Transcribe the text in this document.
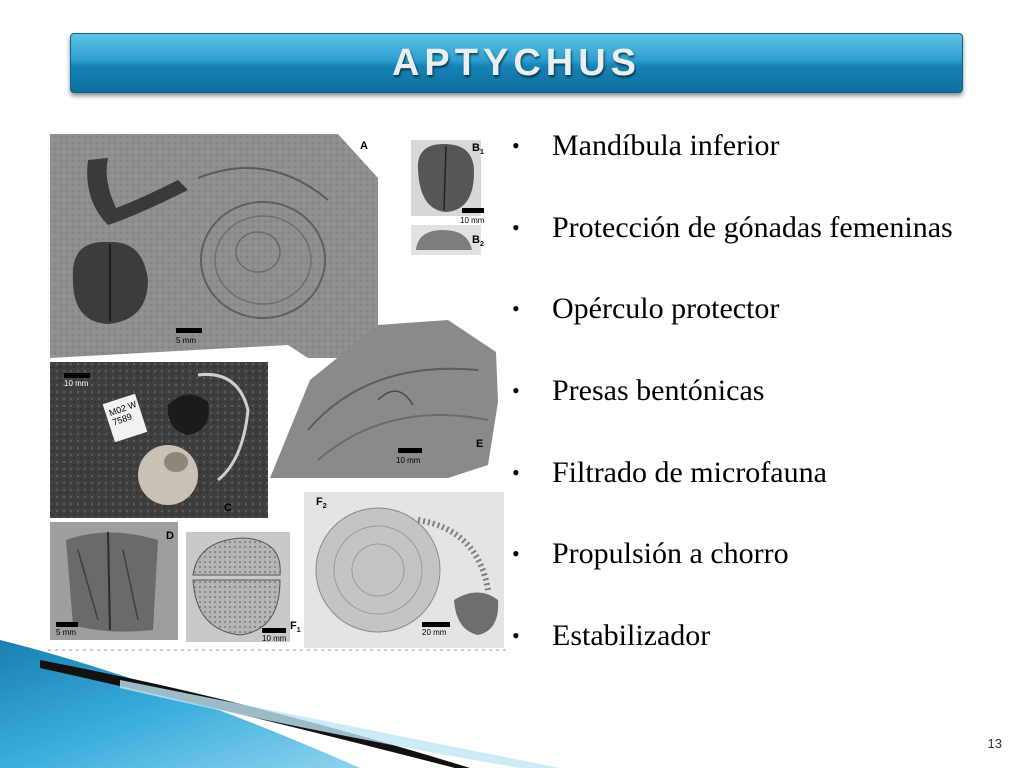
APTYCHUS
A	$B_1$
$B_2$
C
D
E
$F_1$
$F_2$
5 mm
10 mm
10 mm
5 mm
10 mm
10 mm
20 mm
M02 W 7589
• Mandíbula inferior
• Protección de gónadas femeninas
• Opérculo protector
• Presas bentónicas
• Filtrado de microfauna
• Propulsión a chorro
• Estabilizador
13
